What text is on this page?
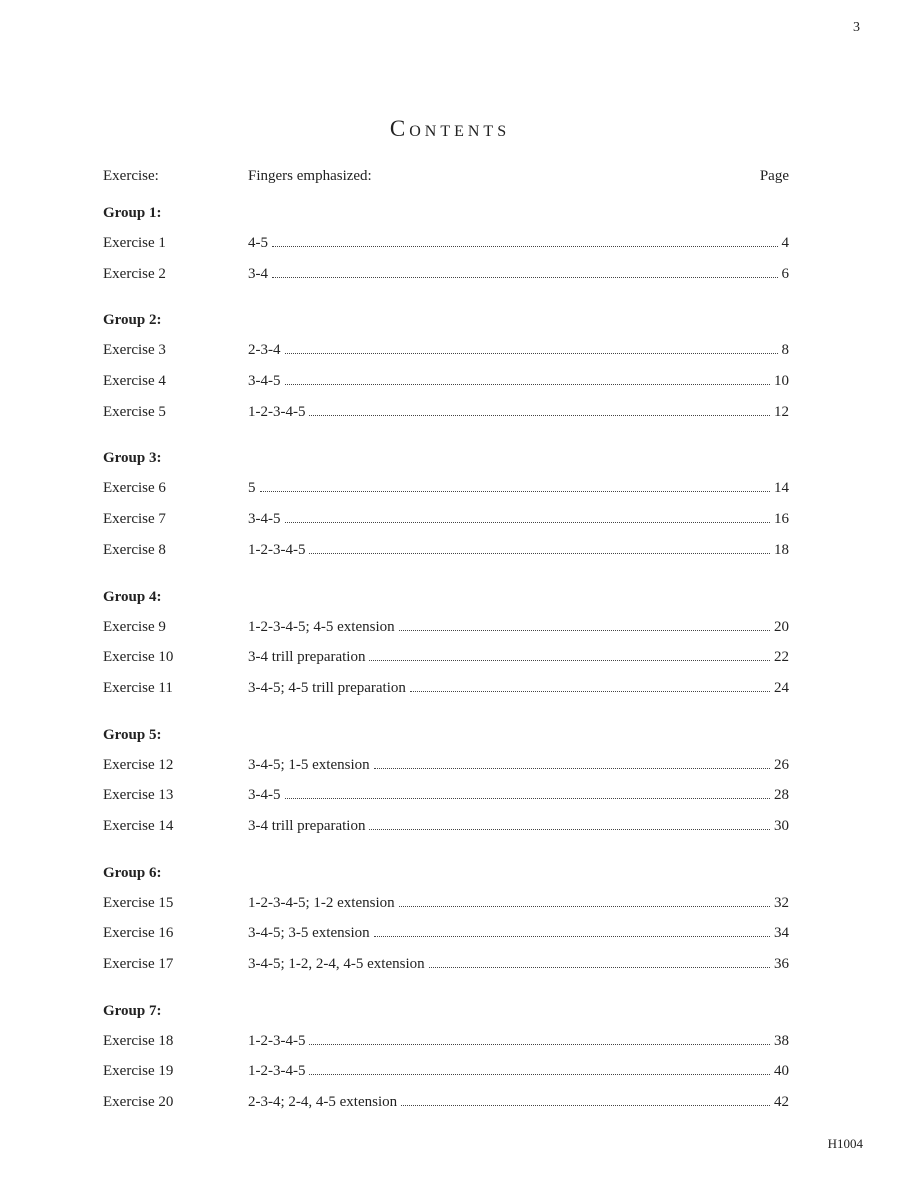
3
Contents
Exercise:	Fingers emphasized:	Page
Group 1:
Exercise 1	4-5	4
Exercise 2	3-4	6
Group 2:
Exercise 3	2-3-4	8
Exercise 4	3-4-5	10
Exercise 5	1-2-3-4-5	12
Group 3:
Exercise 6	5	14
Exercise 7	3-4-5	16
Exercise 8	1-2-3-4-5	18
Group 4:
Exercise 9	1-2-3-4-5; 4-5 extension	20
Exercise 10	3-4 trill preparation	22
Exercise 11	3-4-5; 4-5 trill preparation	24
Group 5:
Exercise 12	3-4-5; 1-5 extension	26
Exercise 13	3-4-5	28
Exercise 14	3-4 trill preparation	30
Group 6:
Exercise 15	1-2-3-4-5; 1-2 extension	32
Exercise 16	3-4-5; 3-5 extension	34
Exercise 17	3-4-5; 1-2, 2-4, 4-5 extension	36
Group 7:
Exercise 18	1-2-3-4-5	38
Exercise 19	1-2-3-4-5	40
Exercise 20	2-3-4; 2-4, 4-5 extension	42
H1004
